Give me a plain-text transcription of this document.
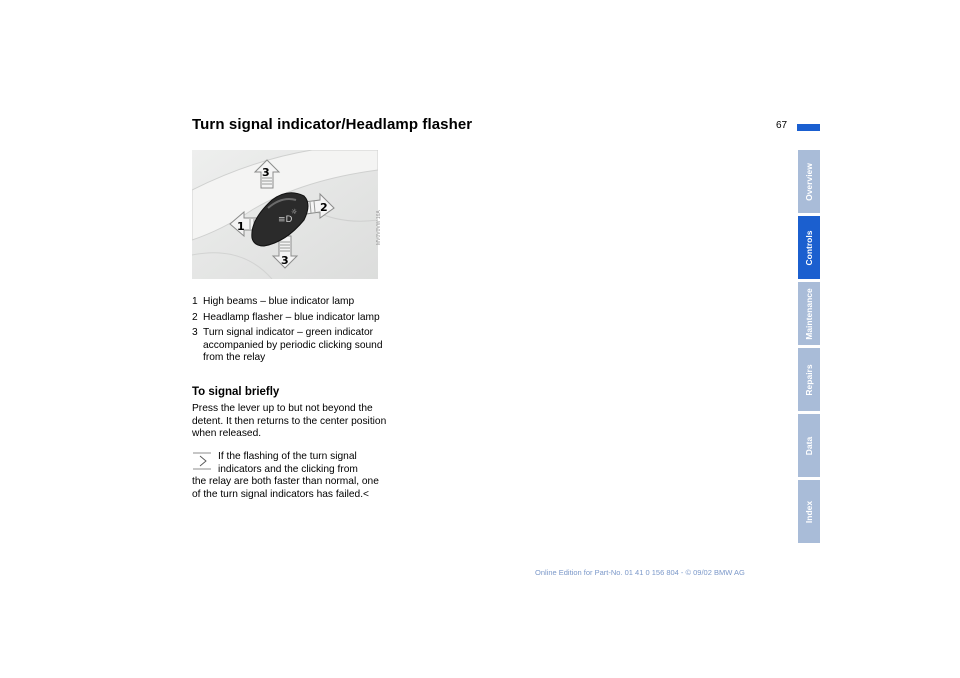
Turn signal indicator/Headlamp flasher	67
Overview
Controls
Maintenance
Repairs
Data
Index
≡D
☼
3
1
2
3
MV0V0VW 16A
1 High beams – blue indicator lamp
2 Headlamp flasher – blue indicator lamp
3 Turn signal indicator – green indicator accompanied by periodic clicking sound from the relay
To signal briefly
Press the lever up to but not beyond the detent. It then returns to the center position when released.
If the flashing of the turn signal
indicators and the clicking from
the relay are both faster than normal, one of the turn signal indicators has failed.<
Online Edition for Part-No. 01 41 0 156 804 - © 09/02 BMW AG
